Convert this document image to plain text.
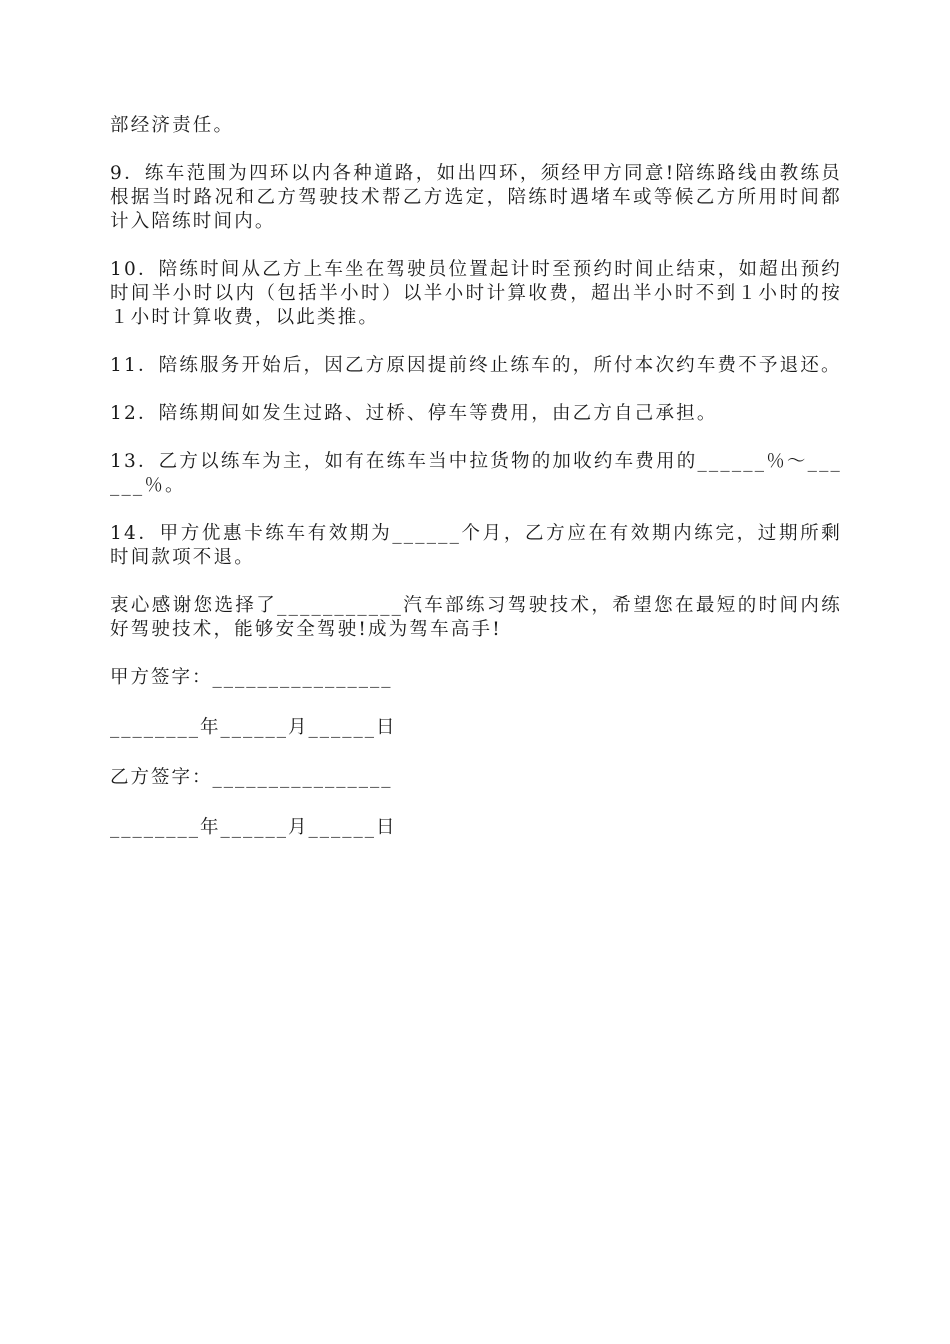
部经济责任。

9．练车范围为四环以内各种道路，如出四环，须经甲方同意!陪练路线由教练员根据当时路况和乙方驾驶技术帮乙方选定，陪练时遇堵车或等候乙方所用时间都计入陪练时间内。

10．陪练时间从乙方上车坐在驾驶员位置起计时至预约时间止结束，如超出预约时间半小时以内（包括半小时）以半小时计算收费，超出半小时不到１小时的按１小时计算收费，以此类推。

11．陪练服务开始后，因乙方原因提前终止练车的，所付本次约车费不予退还。

12．陪练期间如发生过路、过桥、停车等费用，由乙方自己承担。

13．乙方以练车为主，如有在练车当中拉货物的加收约车费用的______％～______％。

14．甲方优惠卡练车有效期为______个月，乙方应在有效期内练完，过期所剩时间款项不退。

衷心感谢您选择了___________汽车部练习驾驶技术，希望您在最短的时间内练好驾驶技术，能够安全驾驶!成为驾车高手!

甲方签字：________________

________年______月______日

乙方签字：________________

________年______月______日
